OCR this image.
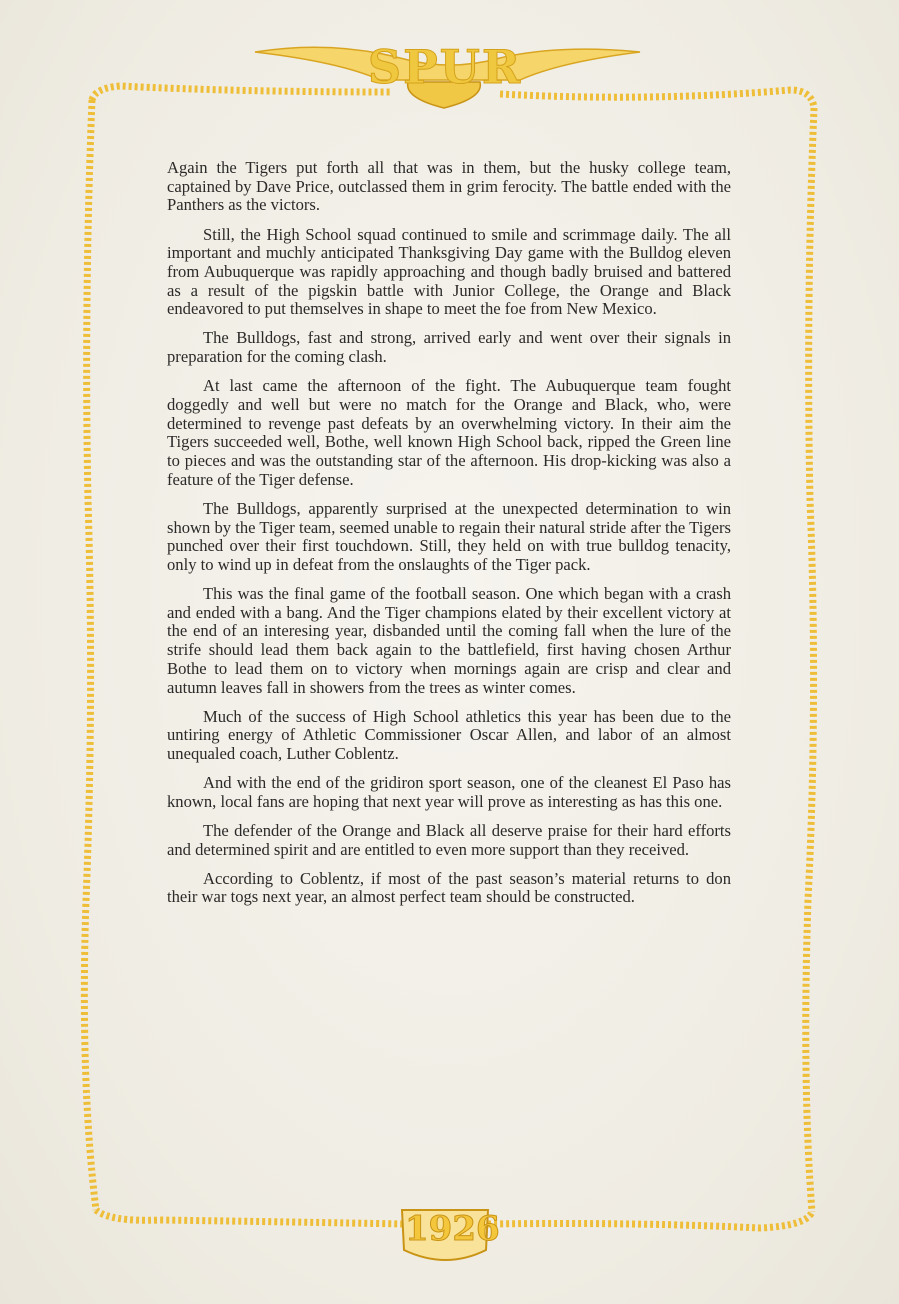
SPUR
1926

Again the Tigers put forth all that was in them, but the husky college team, captained by Dave Price, outclassed them in grim ferocity. The battle ended with the Panthers as the victors.

Still, the High School squad continued to smile and scrimmage daily. The all important and muchly anticipated Thanksgiving Day game with the Bulldog eleven from Aubuquerque was rapidly approaching and though badly bruised and battered as a result of the pigskin battle with Junior College, the Orange and Black endeavored to put themselves in shape to meet the foe from New Mexico.

The Bulldogs, fast and strong, arrived early and went over their signals in preparation for the coming clash.

At last came the afternoon of the fight. The Aubuquerque team fought doggedly and well but were no match for the Orange and Black, who, were determined to revenge past defeats by an overwhelming victory. In their aim the Tigers succeeded well, Bothe, well known High School back, ripped the Green line to pieces and was the outstanding star of the afternoon. His drop-kicking was also a feature of the Tiger defense.

The Bulldogs, apparently surprised at the unexpected determination to win shown by the Tiger team, seemed unable to regain their natural stride after the Tigers punched over their first touchdown. Still, they held on with true bulldog tenacity, only to wind up in defeat from the onslaughts of the Tiger pack.

This was the final game of the football season. One which began with a crash and ended with a bang. And the Tiger champions elated by their excellent victory at the end of an interesing year, disbanded until the coming fall when the lure of the strife should lead them back again to the battlefield, first having chosen Arthur Bothe to lead them on to victory when mornings again are crisp and clear and autumn leaves fall in showers from the trees as winter comes.

Much of the success of High School athletics this year has been due to the untiring energy of Athletic Commissioner Oscar Allen, and labor of an almost unequaled coach, Luther Coblentz.

And with the end of the gridiron sport season, one of the cleanest El Paso has known, local fans are hoping that next year will prove as interesting as has this one.

The defender of the Orange and Black all deserve praise for their hard efforts and determined spirit and are entitled to even more support than they received.

According to Coblentz, if most of the past season’s material returns to don their war togs next year, an almost perfect team should be constructed.
